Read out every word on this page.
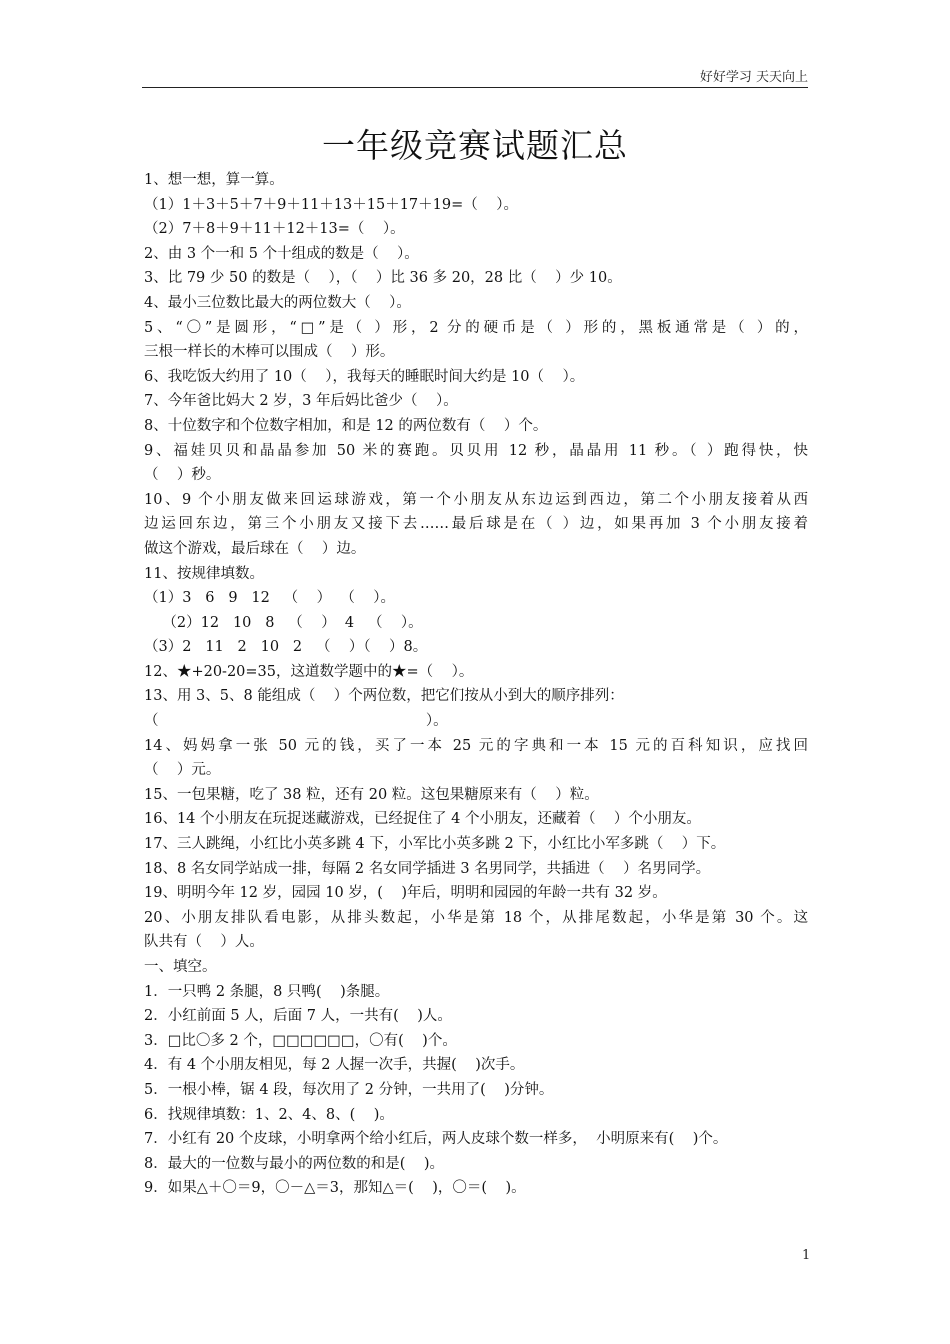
好好学习 天天向上
一年级竞赛试题汇总
1、想一想，算一算。
（1）1＋3＋5＋7＋9＋11＋13＋15＋17＋19=（    ）。
（2）7＋8＋9＋11＋12＋13=（    ）。
2、由 3 个一和 5 个十组成的数是（    ）。
3、比 79 少 50 的数是（    ），（    ）比 36 多 20，28 比（    ）少 10。
4、最小三位数比最大的两位数大（    ）。
5、“〇”是圆形，“□”是（ ）形，2 分的硬币是（ ）形的，黑板通常是（ ）的，
三根一样长的木棒可以围成（    ）形。
6、我吃饭大约用了 10（    ），我每天的睡眠时间大约是 10（    ）。
7、今年爸比妈大 2 岁，3 年后妈比爸少（    ）。
8、十位数字和个位数字相加，和是 12 的两位数有（    ）个。
9、福娃贝贝和晶晶参加 50 米的赛跑。贝贝用 12 秒，晶晶用 11 秒。（ ）跑得快，快
（    ）秒。
10、9 个小朋友做来回运球游戏，第一个小朋友从东边运到西边，第二个小朋友接着从西
边运回东边，第三个小朋友又接下去……最后球是在（ ）边，如果再加 3 个小朋友接着
做这个游戏，最后球在（    ）边。
11、按规律填数。
（1）3   6   9   12   （    ）  （    ）。
（2）12   10   8   （    ）  4   （    ）。
（3）2   11   2   10   2   （    ）（    ）8。
12、★+20-20=35，这道数学题中的★=（    ）。
13、用 3、5、8 能组成（    ）个两位数，把它们按从小到大的顺序排列：
（                                                          ）。
14、妈妈拿一张 50 元的钱，买了一本 25 元的字典和一本 15 元的百科知识，应找回
（    ）元。
15、一包果糖，吃了 38 粒，还有 20 粒。这包果糖原来有（    ）粒。
16、14 个小朋友在玩捉迷藏游戏，已经捉住了 4 个小朋友，还藏着（    ）个小朋友。
17、三人跳绳，小红比小英多跳 4 下，小军比小英多跳 2 下，小红比小军多跳（    ）下。
18、8 名女同学站成一排，每隔 2 名女同学插进 3 名男同学，共插进（    ）名男同学。
19、明明今年 12 岁，园园 10 岁，(    )年后，明明和园园的年龄一共有 32 岁。
20、小朋友排队看电影，从排头数起，小华是第 18 个，从排尾数起，小华是第 30 个。这
队共有（    ）人。
一、填空。
1．一只鸭 2 条腿，8 只鸭(    )条腿。
2．小红前面 5 人，后面 7 人，一共有(    )人。
3．□比〇多 2 个，□□□□□□，〇有(    )个。
4．有 4 个小朋友相见，每 2 人握一次手，共握(    )次手。
5．一根小棒，锯 4 段，每次用了 2 分钟，一共用了(    )分钟。
6．找规律填数：1、2、4、8、(    )。
7．小红有 20 个皮球，小明拿两个给小红后，两人皮球个数一样多，  小明原来有(    )个。
8．最大的一位数与最小的两位数的和是(    )。
9．如果△＋〇＝9，〇－△＝3，那知△＝(    )，〇＝(    )。
1
